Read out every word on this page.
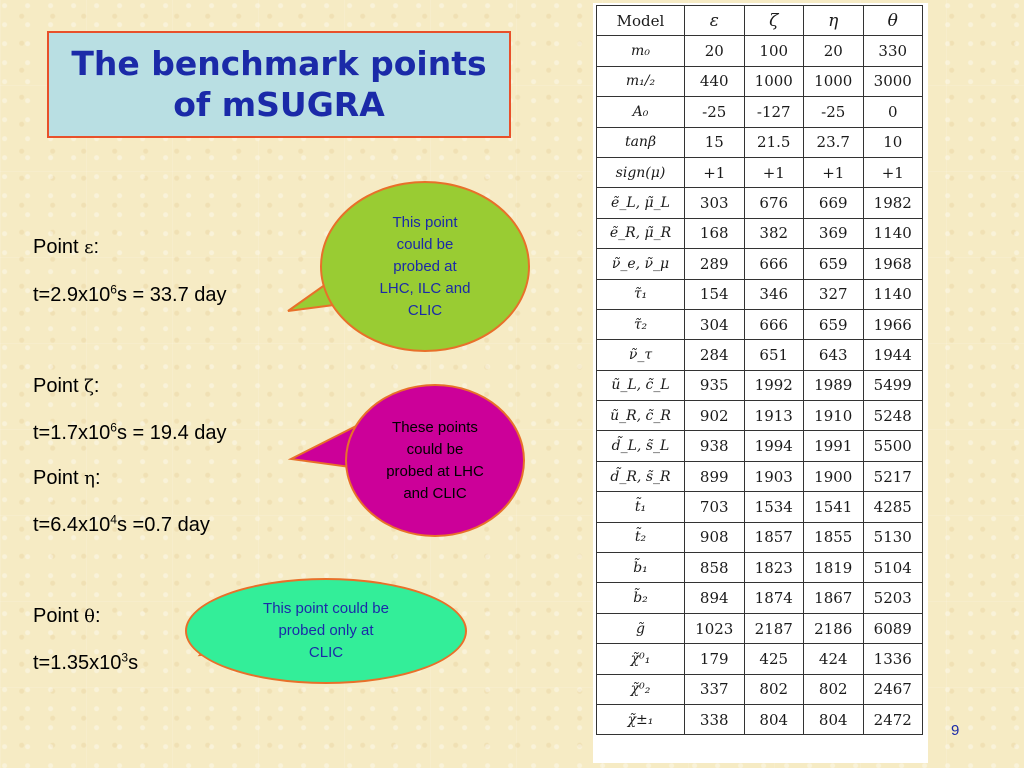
The benchmark points
of mSUGRA
Point ε:
$t=2.9x10^6s = 33.7$ day
Point ζ:
$t=1.7x10^6s = 19.4$ day
Point η:
$t=6.4x10^4s =0.7$ day
Point θ:
$t=1.35x10^3s$
This point
could be
probed at
LHC, ILC and
CLIC
These points
could be
probed at LHC
and CLIC
This point could be
probed only at
CLIC
Model	ε	ζ	η	θ
m₀	20	100	20	330
m₁/₂	440	1000	1000	3000
A₀	-25	-127	-25	0
tanβ	15	21.5	23.7	10
sign(μ)	+1	+1	+1	+1
ẽ_L, μ̃_L	303	676	669	1982
ẽ_R, μ̃_R	168	382	369	1140
ν̃_e, ν̃_μ	289	666	659	1968
τ̃₁	154	346	327	1140
τ̃₂	304	666	659	1966
ν̃_τ	284	651	643	1944
ũ_L, c̃_L	935	1992	1989	5499
ũ_R, c̃_R	902	1913	1910	5248
d̃_L, s̃_L	938	1994	1991	5500
d̃_R, s̃_R	899	1903	1900	5217
t̃₁	703	1534	1541	4285
t̃₂	908	1857	1855	5130
b̃₁	858	1823	1819	5104
b̃₂	894	1874	1867	5203
g̃	1023	2187	2186	6089
χ̃⁰₁	179	425	424	1336
χ̃⁰₂	337	802	802	2467
χ̃±₁	338	804	804	2472
9
